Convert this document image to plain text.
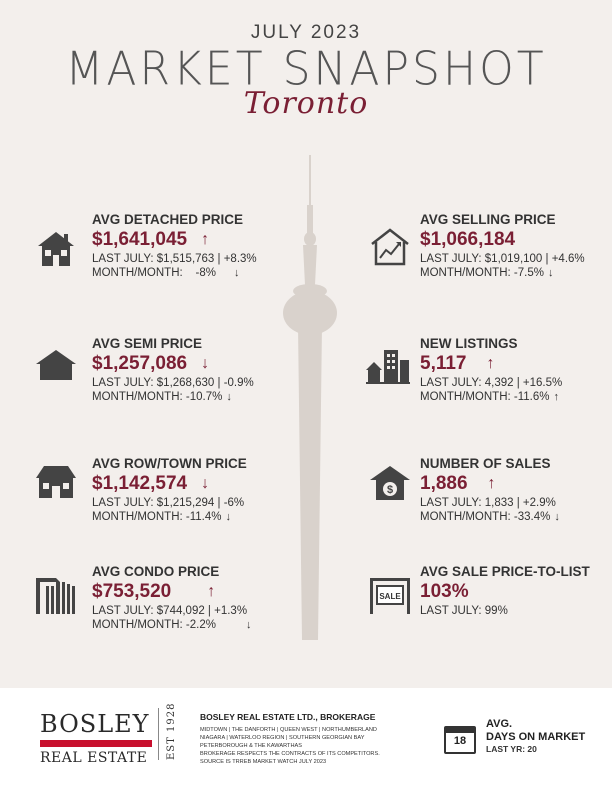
JULY 2023
MARKET SNAPSHOT
Toronto
AVG DETACHED PRICE
$1,641,045 ↑
LAST JULY: $1,515,763 | +8.3%
MONTH/MONTH:    -8% ↓
AVG SEMI PRICE
$1,257,086 ↓
LAST JULY: $1,268,630 | -0.9%
MONTH/MONTH: -10.7% ↓
AVG ROW/TOWN PRICE
$1,142,574 ↓
LAST JULY: $1,215,294 | -6%
MONTH/MONTH: -11.4% ↓
AVG CONDO PRICE
$753,520 ↑
LAST JULY: $744,092 | +1.3%
MONTH/MONTH: -2.2%	↓
AVG SELLING PRICE
$1,066,184
LAST JULY: $1,019,100 | +4.6%
MONTH/MONTH: -7.5% ↓
NEW LISTINGS
5,117 ↑
LAST JULY: 4,392 | +16.5%
MONTH/MONTH: -11.6% ↑
$
NUMBER OF SALES
1,886 ↑
LAST JULY: 1,833 | +2.9%
MONTH/MONTH: -33.4% ↓
SALE
AVG SALE PRICE-TO-LIST
103%
LAST JULY: 99%
BOSLEY
REAL ESTATE	EST 1928	BOSLEY REAL ESTATE LTD., BROKERAGE
MIDTOWN | THE DANFORTH | QUEEN WEST | NORTHUMBERLAND
NIAGARA | WATERLOO REGION | SOUTHERN GEORGIAN BAY
PETERBOROUGH & THE KAWARTHAS
BROKERAGE RESPECTS THE CONTRACTS OF ITS COMPETITORS.
SOURCE IS TRREB MARKET WATCH JULY 2023
18
AVG.
DAYS ON MARKET
LAST YR: 20
